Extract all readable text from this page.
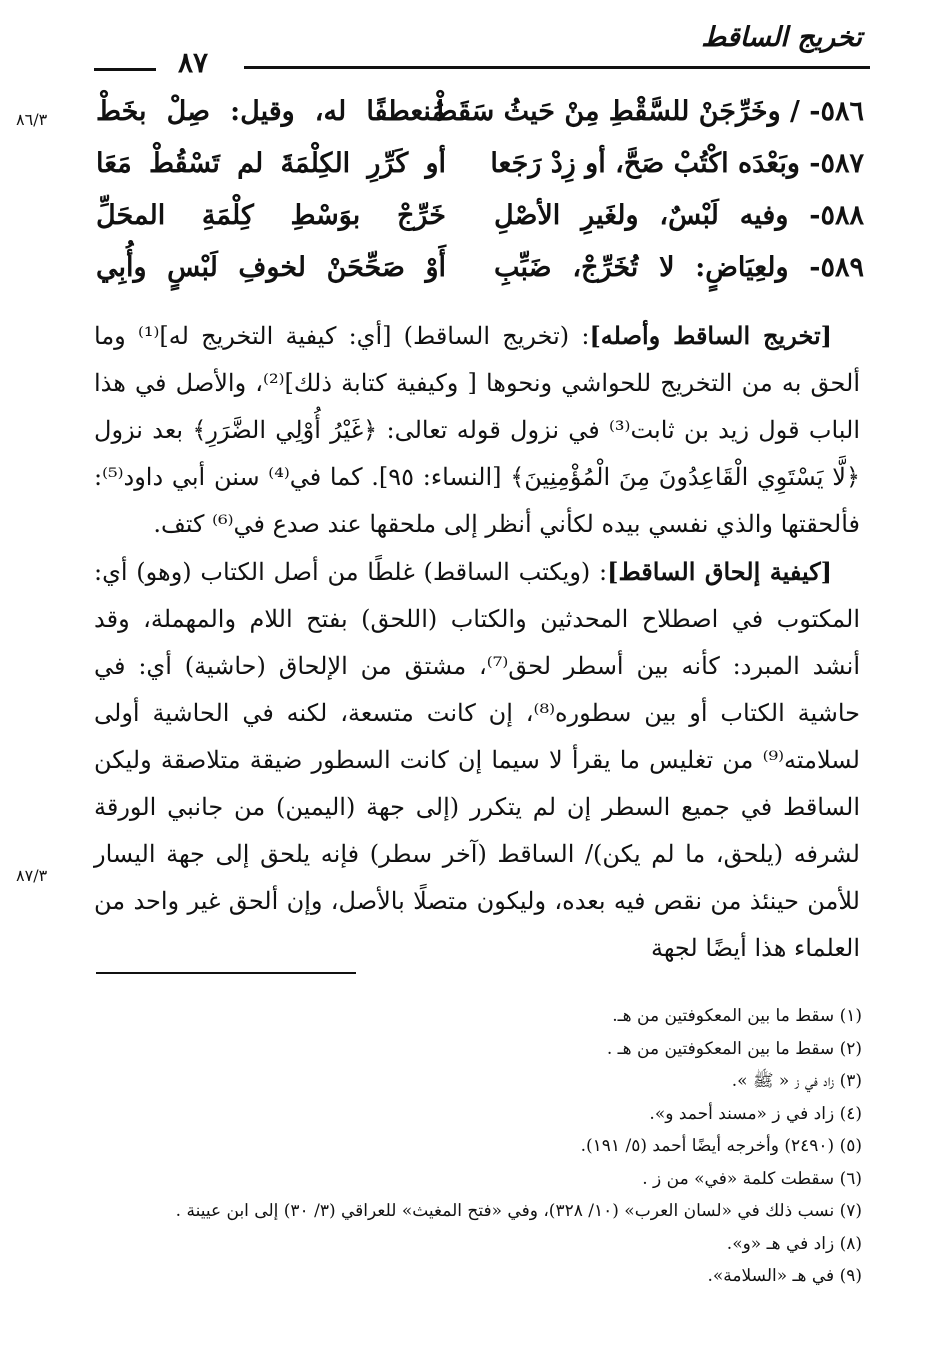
تخريج الساقط
٨٧
٥٨٦- / وخَرِّجَنْ للسَّقْطِ مِنْ حَيثُ سَقَطْ
مُنعطفًا له، وقيل: صِلْ بخَطْ
٥٨٧- وبَعْدَه اكْتُبْ صَحَّ، أو زِدْ رَجَعا
أو كَرِّرِ الكِلْمَةَ لم تَسْقُطْ مَعَا
٥٨٨- وفيه لَبْسٌ، ولغَيرِ الأصْلِ
خَرِّجْ بوَسْطِ كِلْمَةِ المحَلِّ
٥٨٩- ولعِيَاضٍ: لا تُخَرِّجْ، ضَبِّبِ
أَوْ صَحِّحَنْ لخوفِ لَبْسٍ وأُبِي
٨٦/٣
٨٧/٣

[تخريج الساقط وأصله]: (تخريج الساقط) [أي: كيفية التخريج له]⁽¹⁾ وما ألحق به من التخريج للحواشي ونحوها [ وكيفية كتابة ذلك]⁽²⁾، والأصل في هذا الباب قول زيد بن ثابت⁽³⁾ في نزول قوله تعالى: ﴿غَيْرُ أُوْلِي الضَّرَرِ﴾ بعد نزول ﴿لَّا يَسْتَوِي الْقَاعِدُونَ مِنَ الْمُؤْمِنِينَ﴾ [النساء: ٩٥]. كما في⁽⁴⁾ سنن أبي داود⁽⁵⁾: فألحقتها والذي نفسي بيده لكأني أنظر إلى ملحقها عند صدع في⁽⁶⁾ كتف.

[كيفية إلحاق الساقط]: (ويكتب الساقط) غلطًا من أصل الكتاب (وهو) أي: المكتوب في اصطلاح المحدثين والكتاب (اللحق) بفتح اللام والمهملة، وقد أنشد المبرد: كأنه بين أسطر لحق⁽⁷⁾، مشتق من الإلحاق (حاشية) أي: في حاشية الكتاب أو بين سطوره⁽⁸⁾، إن كانت متسعة، لكنه في الحاشية أولى لسلامته⁽⁹⁾ من تغليس ما يقرأ لا سيما إن كانت السطور ضيقة متلاصقة وليكن الساقط في جميع السطر إن لم يتكرر (إلى جهة (اليمين) من جانبي الورقة لشرفه (يلحق، ما لم يكن)/ الساقط (آخر سطر) فإنه يلحق إلى جهة اليسار للأمن حينئذ من نقص فيه بعده، وليكون متصلًا بالأصل، وإن ألحق غير واحد من العلماء هذا أيضًا لجهة

(١) سقط ما بين المعكوفتين من هـ.
(٢) سقط ما بين المعكوفتين من هـ .
(٣) زاد في ز « ﷺ ».
(٤) زاد في ز «مسند أحمد و».
(٥) (٢٤٩٠) وأخرجه أيضًا أحمد (٥/ ١٩١).
(٦) سقطت كلمة «في» من ز .
(٧) نسب ذلك في «لسان العرب» (١٠/ ٣٢٨)، وفي «فتح المغيث» للعراقي (٣/ ٣٠) إلى ابن عيينة .
(٨) زاد في هـ «و».
(٩) في هـ «السلامة».
